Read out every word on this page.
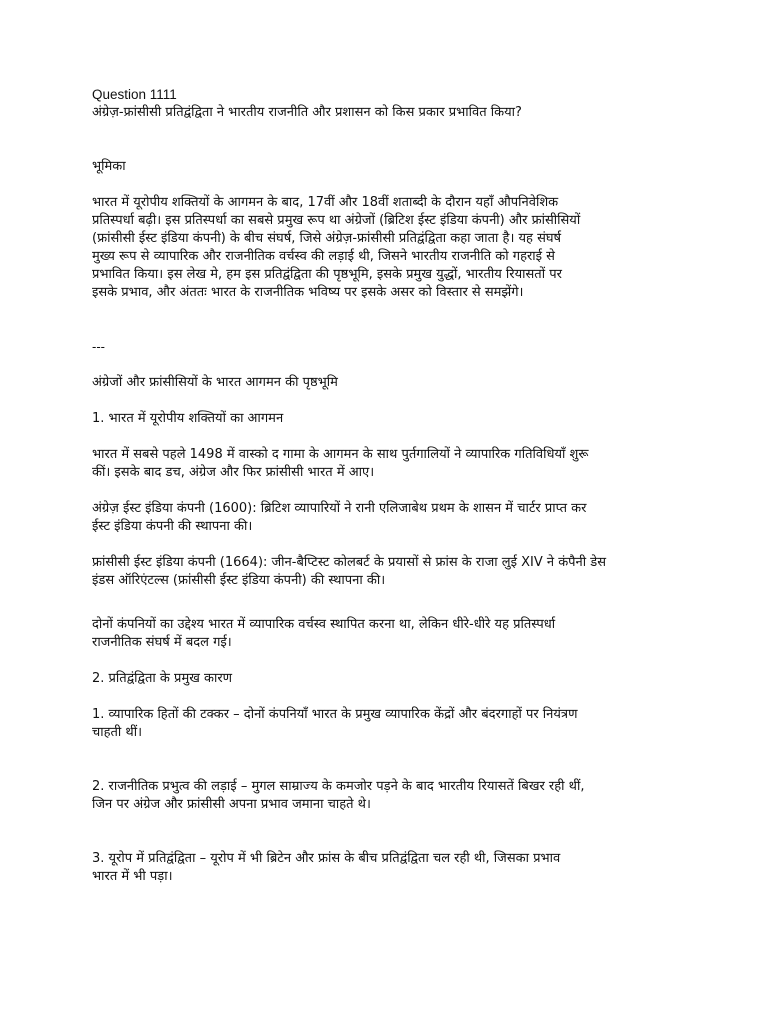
Question 1111
अंग्रेज़-फ्रांसीसी प्रतिद्वंद्विता ने भारतीय राजनीति और प्रशासन को किस प्रकार प्रभावित किया?
भूमिका
भारत में यूरोपीय शक्तियों के आगमन के बाद, 17वीं और 18वीं शताब्दी के दौरान यहाँ औपनिवेशिक
प्रतिस्पर्धा बढ़ी। इस प्रतिस्पर्धा का सबसे प्रमुख रूप था अंग्रेजों (ब्रिटिश ईस्ट इंडिया कंपनी) और फ्रांसीसियों
(फ्रांसीसी ईस्ट इंडिया कंपनी) के बीच संघर्ष, जिसे अंग्रेज़-फ्रांसीसी प्रतिद्वंद्विता कहा जाता है। यह संघर्ष
मुख्य रूप से व्यापारिक और राजनीतिक वर्चस्व की लड़ाई थी, जिसने भारतीय राजनीति को गहराई से
प्रभावित किया। इस लेख मे, हम इस प्रतिद्वंद्विता की पृष्ठभूमि, इसके प्रमुख युद्धों, भारतीय रियासतों पर
इसके प्रभाव, और अंततः भारत के राजनीतिक भविष्य पर इसके असर को विस्तार से समझेंगे।
---
अंग्रेजों और फ्रांसीसियों के भारत आगमन की पृष्ठभूमि
1. भारत में यूरोपीय शक्तियों का आगमन
भारत में सबसे पहले 1498 में वास्को द गामा के आगमन के साथ पुर्तगालियों ने व्यापारिक गतिविधियाँ शुरू
कीं। इसके बाद डच, अंग्रेज और फिर फ्रांसीसी भारत में आए।
अंग्रेज़ ईस्ट इंडिया कंपनी (1600): ब्रिटिश व्यापारियों ने रानी एलिजाबेथ प्रथम के शासन में चार्टर प्राप्त कर
ईस्ट इंडिया कंपनी की स्थापना की।
फ्रांसीसी ईस्ट इंडिया कंपनी (1664): जीन-बैप्टिस्ट कोलबर्ट के प्रयासों से फ्रांस के राजा लुई XIV ने कंपैनी डेस
इंडस ऑरिएंटल्स (फ्रांसीसी ईस्ट इंडिया कंपनी) की स्थापना की।
दोनों कंपनियों का उद्देश्य भारत में व्यापारिक वर्चस्व स्थापित करना था, लेकिन धीरे-धीरे यह प्रतिस्पर्धा
राजनीतिक संघर्ष में बदल गई।
2. प्रतिद्वंद्विता के प्रमुख कारण
1. व्यापारिक हितों की टक्कर – दोनों कंपनियाँ भारत के प्रमुख व्यापारिक केंद्रों और बंदरगाहों पर नियंत्रण
चाहती थीं।
2. राजनीतिक प्रभुत्व की लड़ाई – मुगल साम्राज्य के कमजोर पड़ने के बाद भारतीय रियासतें बिखर रही थीं,
जिन पर अंग्रेज और फ्रांसीसी अपना प्रभाव जमाना चाहते थे।
3. यूरोप में प्रतिद्वंद्विता – यूरोप में भी ब्रिटेन और फ्रांस के बीच प्रतिद्वंद्विता चल रही थी, जिसका प्रभाव
भारत में भी पड़ा।
